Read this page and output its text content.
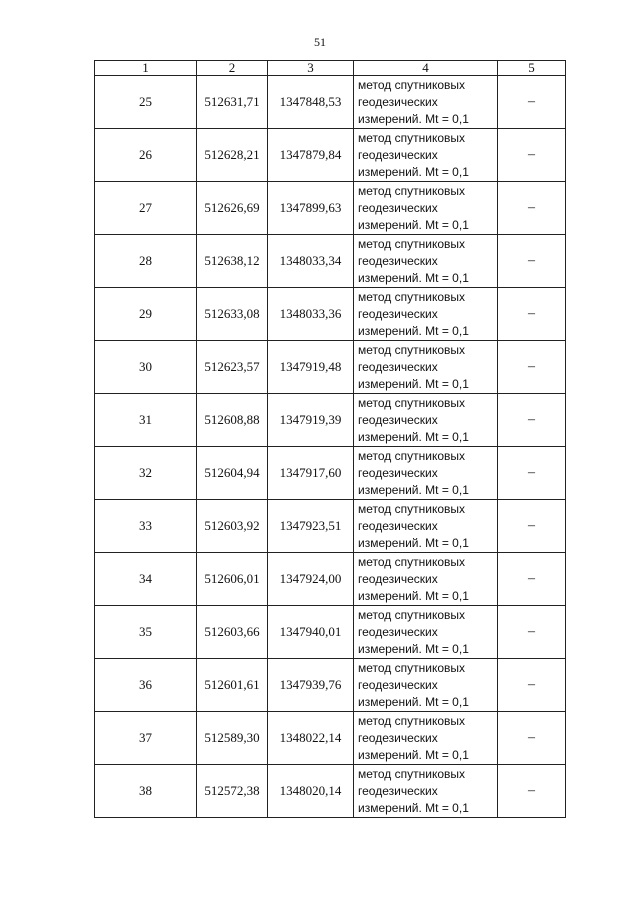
51
1	2	3	4	5
25	512631,71	1347848,53	метод спутниковых
геодезических
измерений. Mt = 0,1	–
26	512628,21	1347879,84	метод спутниковых
геодезических
измерений. Mt = 0,1	–
27	512626,69	1347899,63	метод спутниковых
геодезических
измерений. Mt = 0,1	–
28	512638,12	1348033,34	метод спутниковых
геодезических
измерений. Mt = 0,1	–
29	512633,08	1348033,36	метод спутниковых
геодезических
измерений. Mt = 0,1	–
30	512623,57	1347919,48	метод спутниковых
геодезических
измерений. Mt = 0,1	–
31	512608,88	1347919,39	метод спутниковых
геодезических
измерений. Mt = 0,1	–
32	512604,94	1347917,60	метод спутниковых
геодезических
измерений. Mt = 0,1	–
33	512603,92	1347923,51	метод спутниковых
геодезических
измерений. Mt = 0,1	–
34	512606,01	1347924,00	метод спутниковых
геодезических
измерений. Mt = 0,1	–
35	512603,66	1347940,01	метод спутниковых
геодезических
измерений. Mt = 0,1	–
36	512601,61	1347939,76	метод спутниковых
геодезических
измерений. Mt = 0,1	–
37	512589,30	1348022,14	метод спутниковых
геодезических
измерений. Mt = 0,1	–
38	512572,38	1348020,14	метод спутниковых
геодезических
измерений. Mt = 0,1	–
